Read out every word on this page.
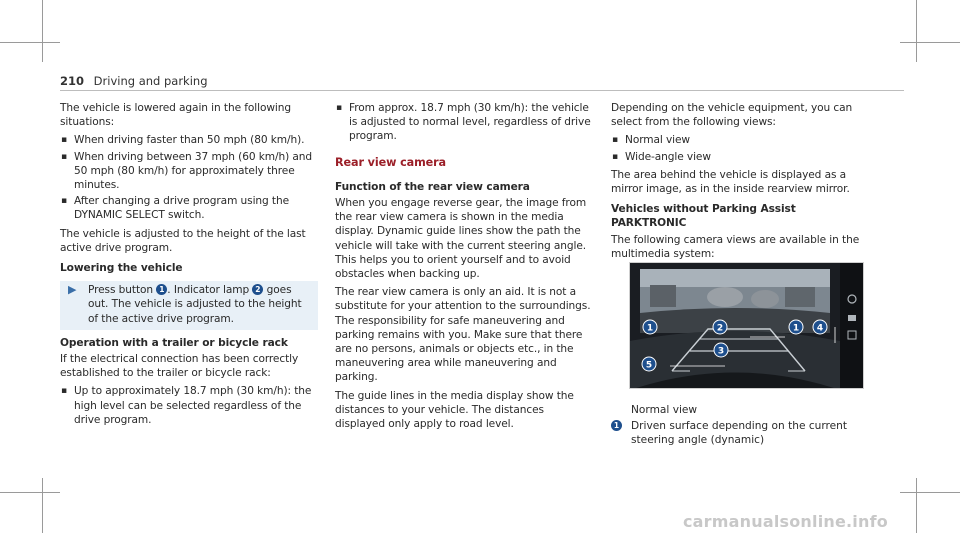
210 Driving and parking

The vehicle is lowered again in the following situations:

▪ When driving faster than 50 mph (80 km/h).
▪ When driving between 37 mph (60 km/h) and 50 mph (80 km/h) for approximately three minutes.
▪ After changing a drive program using the DYNAMIC SELECT switch.

The vehicle is adjusted to the height of the last active drive program.

Lowering the vehicle
▶ Press button 1 . Indicator lamp 2 goes out. The vehicle is adjusted to the height of the active drive program.
Operation with a trailer or bicycle rack

If the electrical connection has been correctly established to the trailer or bicycle rack:

▪ Up to approximately 18.7 mph (30 km/h): the high level can be selected regardless of the drive program.
▪ From approx. 18.7 mph (30 km/h): the vehicle is adjusted to normal level, regardless of drive program.
Rear view camera
Function of the rear view camera

When you engage reverse gear, the image from the rear view camera is shown in the media display. Dynamic guide lines show the path the vehicle will take with the current steering angle. This helps you to orient yourself and to avoid obstacles when backing up.

The rear view camera is only an aid. It is not a substitute for your attention to the surroundings. The responsibility for safe maneuvering and parking remains with you. Make sure that there are no persons, animals or objects etc., in the maneuvering area while maneuvering and parking.

The guide lines in the media display show the distances to your vehicle. The distances displayed only apply to road level.

Depending on the vehicle equipment, you can select from the following views:

▪ Normal view
▪ Wide-angle view

The area behind the vehicle is displayed as a mirror image, as in the inside rearview mirror.

Vehicles without Parking Assist PARKTRONIC

The following camera views are available in the multimedia system:

1	2	1 4
3
5
Normal view
1 Driven surface depending on the current steering angle (dynamic)
carmanualsonline.info
